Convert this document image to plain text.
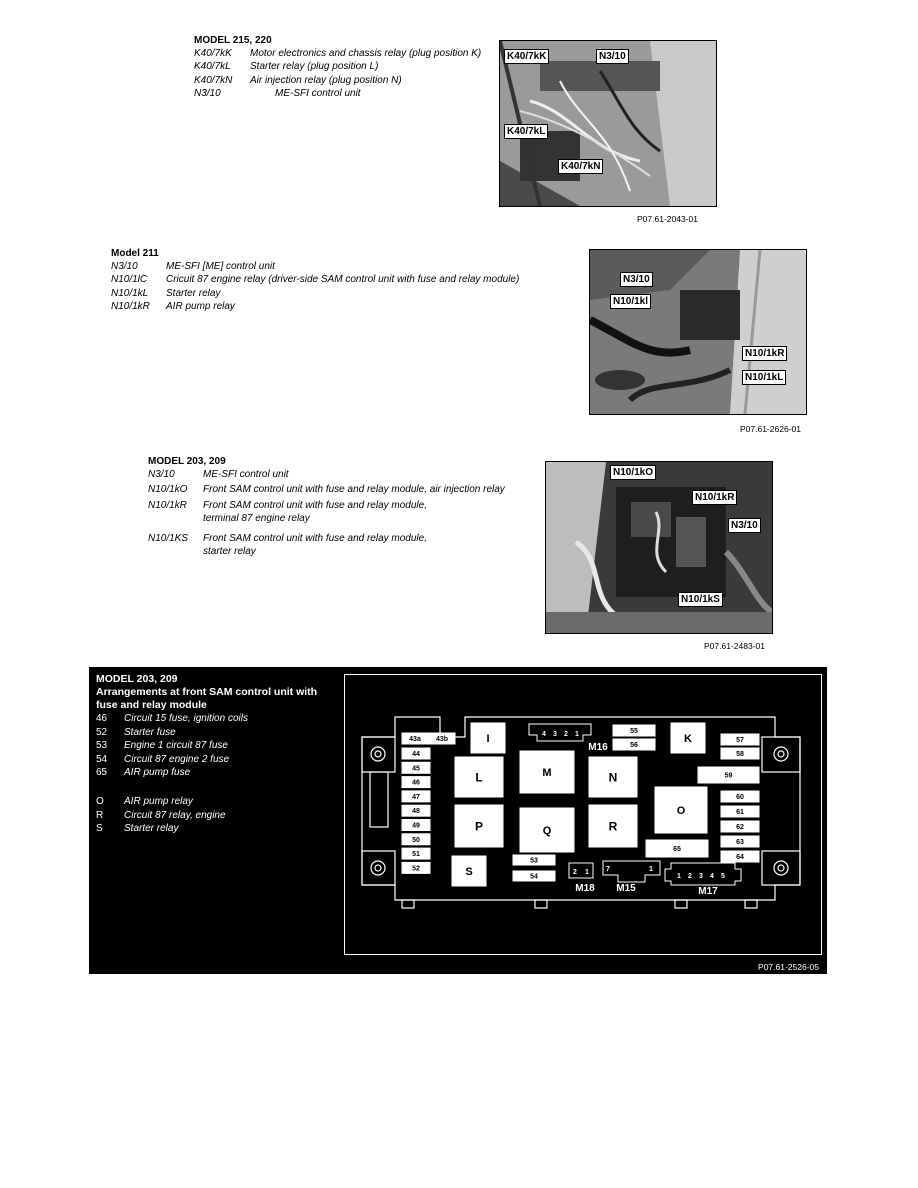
MODEL 215, 220
K40/7kK	Motor electronics and chassis relay (plug position K)
K40/7kL	Starter relay (plug position L)
K40/7kN	Air injection relay (plug position N)
N3/10	ME-SFI control unit
K40/7kK	N3/10
K40/7kL
K40/7kN
P07.61-2043-01
Model 211
N3/10	ME-SFI [ME] control unit
N10/1lC	Cricuit 87 engine relay (driver-side SAM control unit with fuse and relay module)
N10/1kL	Starter relay
N10/1kR	AIR pump relay
N3/10
N10/1kl
N10/1kR
N10/1kL
P07.61-2626-01
MODEL 203, 209
N3/10	ME-SFI control unit
N10/1kO	Front SAM control unit with fuse and relay module, air injection relay
N10/1kR	Front SAM control unit with fuse and relay module,
terminal 87 engine relay
N10/1KS	Front SAM control unit with fuse and relay module,
starter relay
N10/1kO
N10/1kR
N3/10
N10/1kS
P07.61-2483-01
MODEL 203, 209
Arrangements at front SAM control unit with fuse and relay module
46	Circuit 15 fuse, ignition coils
52	Starter fuse
53	Engine 1 circuit 87 fuse
54	Circuit 87 engine 2 fuse
65	AIR pump fuse
O	AIR pump relay
R	Circuit 87 relay, engine
S	Starter relay
P07.61-2526-05
43a 43b
44
45
46
47
48
49
50
51
52
I	K
L	M	N
P	Q	R
O
S
4 3 2 1
M16
55
56
57
58
59
60
61
62
63
64
53
54
65
2 1
M18
7	1
M15
1 2 3 4 5
M17
